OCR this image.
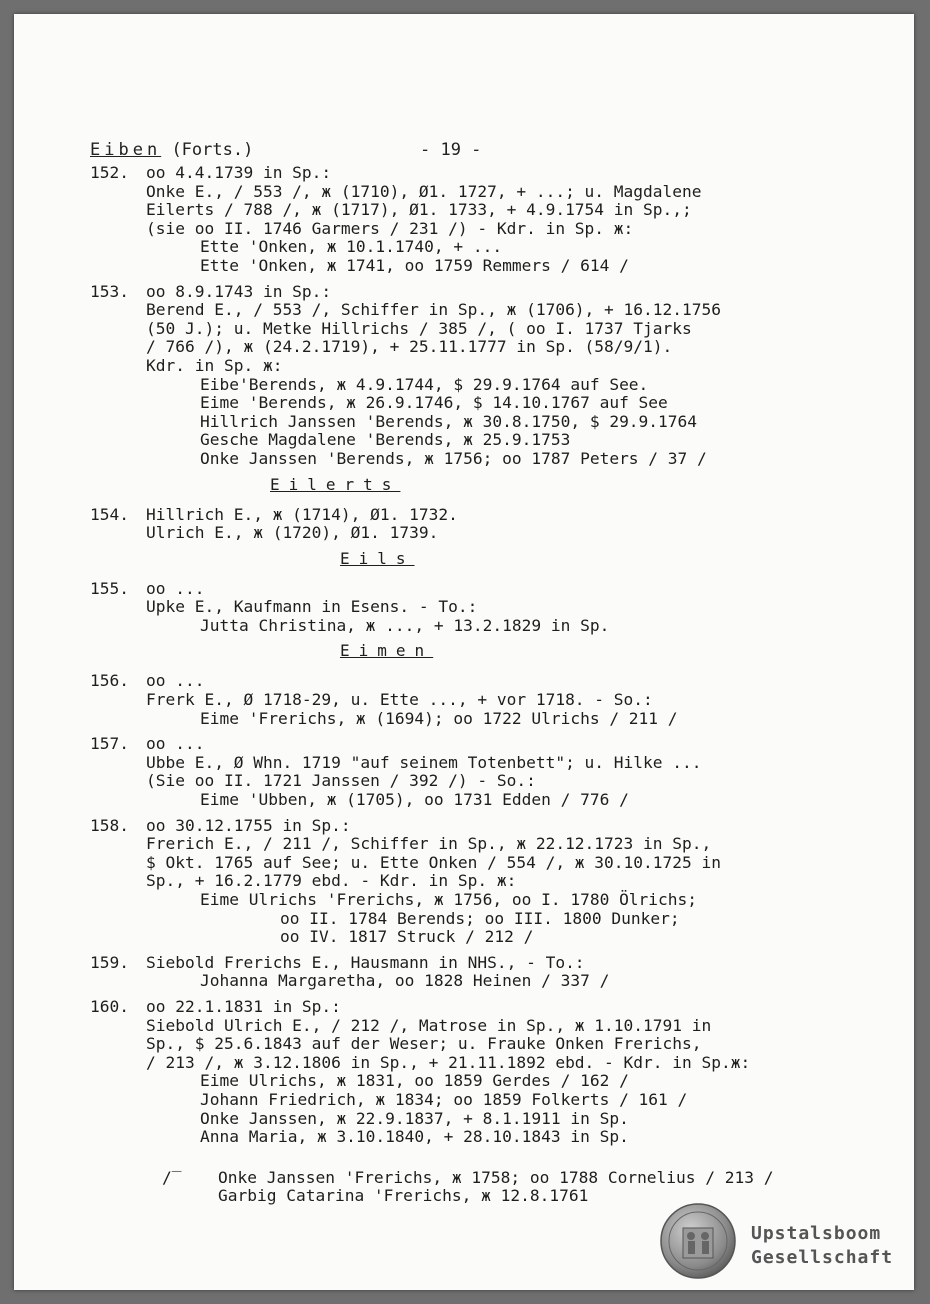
Eiben (Forts.)	- 19 -
152. oo 4.4.1739 in Sp.:
Onke E., / 553 /, ж (1710), Ø1. 1727, + ...; u. Magdalene
Eilerts / 788 /, ж (1717), Ø1. 1733, + 4.9.1754 in Sp.,;
(sie oo II. 1746 Garmers / 231 /) - Kdr. in Sp. ж:
Ette 'Onken, ж 10.1.1740, + ...
Ette 'Onken, ж 1741, oo 1759 Remmers / 614 /
153. oo 8.9.1743 in Sp.:
Berend E., / 553 /, Schiffer in Sp., ж (1706), + 16.12.1756
(50 J.); u. Metke Hillrichs / 385 /, ( oo I. 1737 Tjarks
/ 766 /), ж (24.2.1719), + 25.11.1777 in Sp. (58/9/1).
Kdr. in Sp. ж:
Eibe'Berends, ж 4.9.1744, $ 29.9.1764 auf See.
Eime 'Berends, ж 26.9.1746, $ 14.10.1767 auf See
Hillrich Janssen 'Berends, ж 30.8.1750, $ 29.9.1764
Gesche Magdalene 'Berends, ж 25.9.1753
Onke Janssen 'Berends, ж 1756; oo 1787 Peters / 37 /
Eilerts
154. Hillrich E., ж (1714), Ø1. 1732.
Ulrich E., ж (1720), Ø1. 1739.
Eils
155. oo ...
Upke E., Kaufmann in Esens. - To.:
Jutta Christina, ж ..., + 13.2.1829 in Sp.
Eimen
156. oo ...
Frerk E., Ø 1718-29, u. Ette ..., + vor 1718. - So.:
Eime 'Frerichs, ж (1694); oo 1722 Ulrichs / 211 /
157. oo ...
Ubbe E., Ø Whn. 1719 "auf seinem Totenbett"; u. Hilke ...
(Sie oo II. 1721 Janssen / 392 /) - So.:
Eime 'Ubben, ж (1705), oo 1731 Edden / 776 /
158. oo 30.12.1755 in Sp.:
Frerich E., / 211 /, Schiffer in Sp., ж 22.12.1723 in Sp.,
$ Okt. 1765 auf See; u. Ette Onken / 554 /, ж 30.10.1725 in
Sp., + 16.2.1779 ebd. - Kdr. in Sp. ж:
Eime Ulrichs 'Frerichs, ж 1756, oo I. 1780 Ölrichs;
oo II. 1784 Berends; oo III. 1800 Dunker;
oo IV. 1817 Struck / 212 /
159. Siebold Frerichs E., Hausmann in NHS., - To.:
Johanna Margaretha, oo 1828 Heinen / 337 /
160. oo 22.1.1831 in Sp.:
Siebold Ulrich E., / 212 /, Matrose in Sp., ж 1.10.1791 in
Sp., $ 25.6.1843 auf der Weser; u. Frauke Onken Frerichs,
/ 213 /, ж 3.12.1806 in Sp., + 21.11.1892 ebd. - Kdr. in Sp.ж:
Eime Ulrichs, ж 1831, oo 1859 Gerdes / 162 /
Johann Friedrich, ж 1834; oo 1859 Folkerts / 161 /
Onke Janssen, ж 22.9.1837, + 8.1.1911 in Sp.
Anna Maria, ж 3.10.1840, + 28.10.1843 in Sp.
/‾ Onke Janssen 'Frerichs, ж 1758; oo 1788 Cornelius / 213 /
Garbig Catarina 'Frerichs, ж 12.8.1761
Upstalsboom
Gesellschaft
